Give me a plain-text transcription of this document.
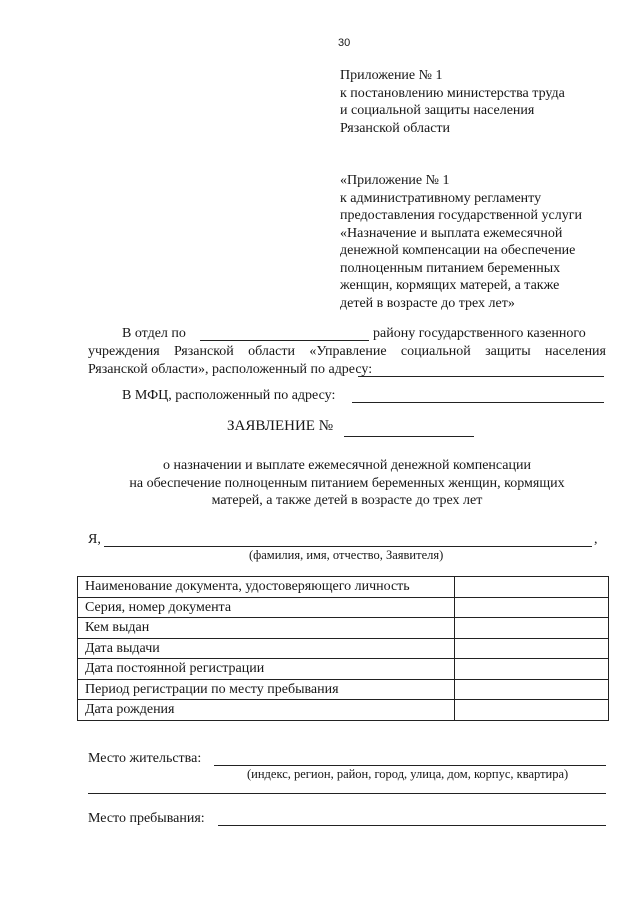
30
Приложение № 1
к постановлению министерства труда
и социальной защиты населения
Рязанской области
«Приложение № 1
к административному регламенту
предоставления государственной услуги
«Назначение и выплата ежемесячной
денежной компенсации на обеспечение
полноценным питанием беременных
женщин, кормящих матерей, а также
детей в возрасте до трех лет»
В отдел по	району государственного казенного
учреждения Рязанской области «Управление социальной защиты населения
Рязанской области», расположенный по адресу:
В МФЦ, расположенный по адресу:
ЗАЯВЛЕНИЕ №
о назначении и выплате ежемесячной денежной компенсации
на обеспечение полноценным питанием беременных женщин, кормящих
матерей, а также детей в возрасте до трех лет
Я,	,
(фамилия, имя, отчество, Заявителя)
Наименование документа, удостоверяющего личность	
Серия, номер документа	
Кем выдан	
Дата выдачи	
Дата постоянной регистрации	
Период регистрации по месту пребывания	
Дата рождения	
Место жительства:
(индекс, регион, район, город, улица, дом, корпус, квартира)
Место пребывания:
